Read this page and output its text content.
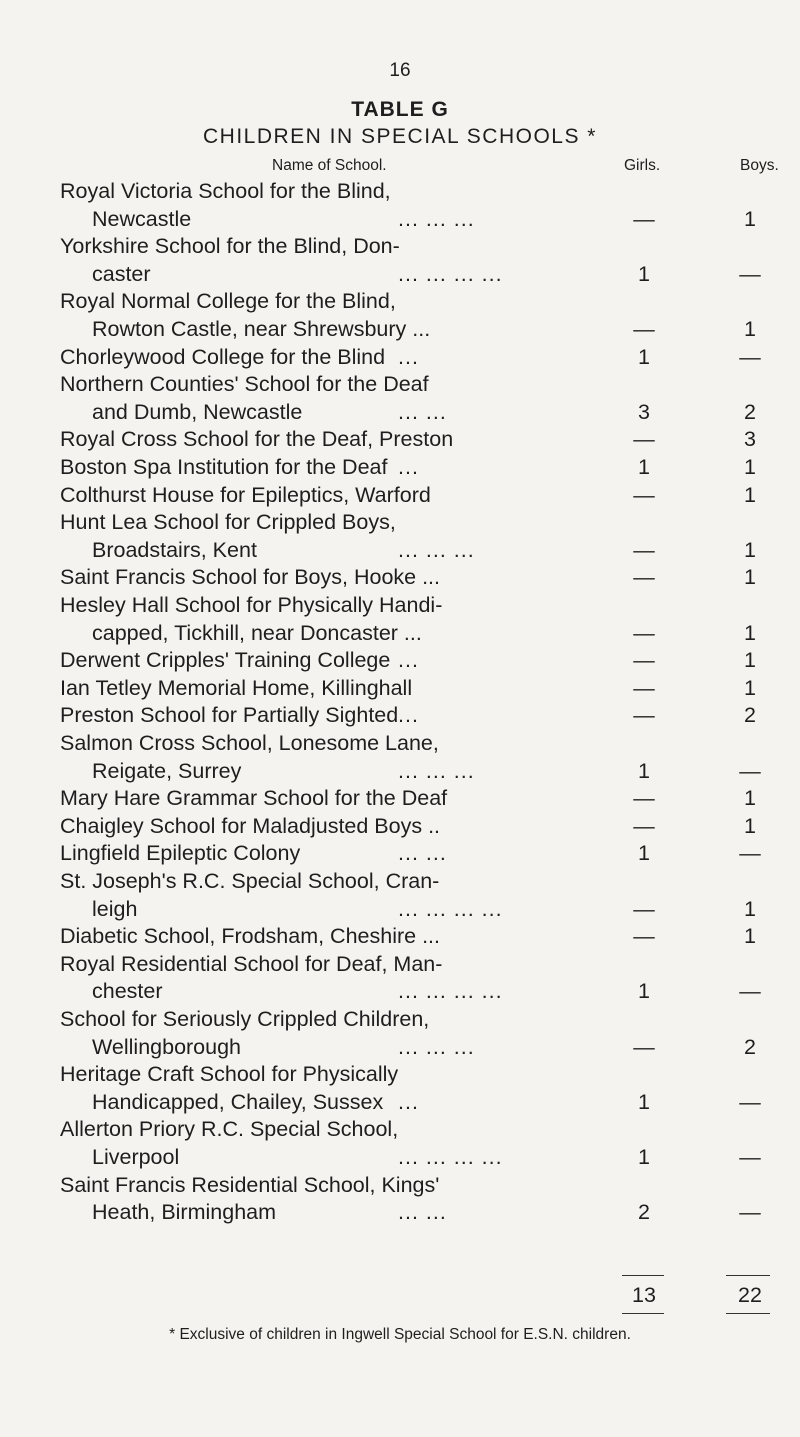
16
TABLE G
CHILDREN IN SPECIAL SCHOOLS *
Name of School.	Girls.	Boys.
Royal Victoria School for the Blind,
Newcastle	... ... ...	—	1
Yorkshire School for the Blind, Don-
caster	... ... ... ...	1	—
Royal Normal College for the Blind,
Rowton Castle, near Shrewsbury ...	—	1
Chorleywood College for the Blind ...	1	—
Northern Counties' School for the Deaf
and Dumb, Newcastle	... ...	3	2
Royal Cross School for the Deaf, Preston	—	3
Boston Spa Institution for the Deaf ...	1	1
Colthurst House for Epileptics, Warford	—	1
Hunt Lea School for Crippled Boys,
Broadstairs, Kent	... ... ...	—	1
Saint Francis School for Boys, Hooke ...	—	1
Hesley Hall School for Physically Handi-
capped, Tickhill, near Doncaster ...	—	1
Derwent Cripples' Training College ...	—	1
Ian Tetley Memorial Home, Killinghall	—	1
Preston School for Partially Sighted ...	—	2
Salmon Cross School, Lonesome Lane,
Reigate, Surrey	... ... ...	1	—
Mary Hare Grammar School for the Deaf	—	1
Chaigley School for Maladjusted Boys ..	—	1
Lingfield Epileptic Colony	... ...	1	—
St. Joseph's R.C. Special School, Cran-
leigh	... ... ... ...	—	1
Diabetic School, Frodsham, Cheshire ...	—	1
Royal Residential School for Deaf, Man-
chester	... ... ... ...	1	—
School for Seriously Crippled Children,
Wellingborough	... ... ...	—	2
Heritage Craft School for Physically
Handicapped, Chailey, Sussex ...	1	—
Allerton Priory R.C. Special School,
Liverpool	... ... ... ...	1	—
Saint Francis Residential School, Kings'
Heath, Birmingham	... ...	2	—
13	22
* Exclusive of children in Ingwell Special School for E.S.N. children.
